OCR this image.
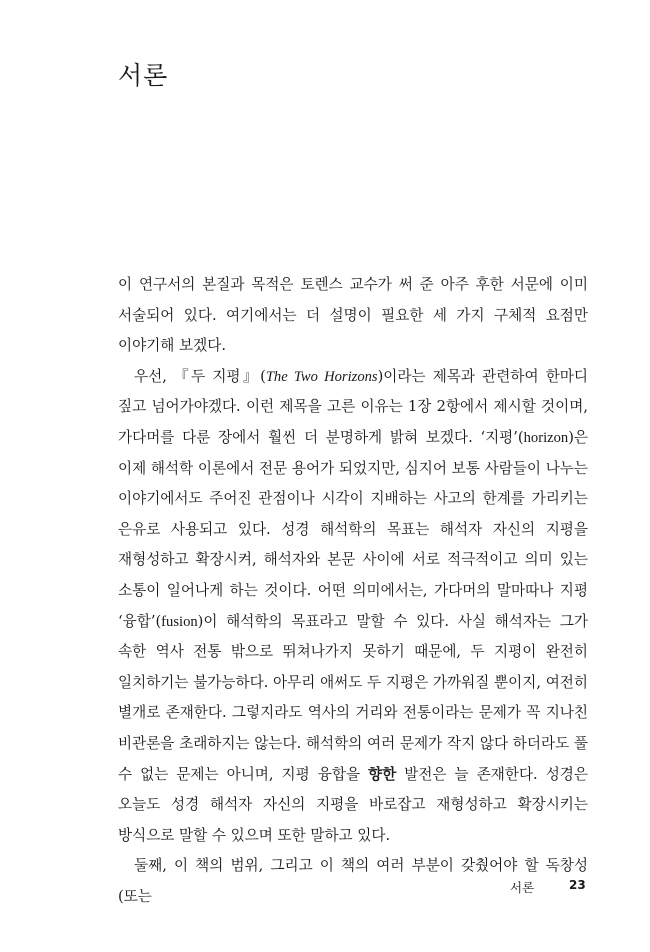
서론

이 연구서의 본질과 목적은 토렌스 교수가 써 준 아주 후한 서문에 이미 서술되어 있다. 여기에서는 더 설명이 필요한 세 가지 구체적 요점만 이야기해 보겠다.

우선, 『두 지평』(The Two Horizons)이라는 제목과 관련하여 한마디 짚고 넘어가야겠다. 이런 제목을 고른 이유는 1장 2항에서 제시할 것이며, 가다머를 다룬 장에서 훨씬 더 분명하게 밝혀 보겠다. ‘지평’(horizon)은 이제 해석학 이론에서 전문 용어가 되었지만, 심지어 보통 사람들이 나누는 이야기에서도 주어진 관점이나 시각이 지배하는 사고의 한계를 가리키는 은유로 사용되고 있다. 성경 해석학의 목표는 해석자 자신의 지평을 재형성하고 확장시켜, 해석자와 본문 사이에 서로 적극적이고 의미 있는 소통이 일어나게 하는 것이다. 어떤 의미에서는, 가다머의 말마따나 지평 ‘융합’(fusion)이 해석학의 목표라고 말할 수 있다. 사실 해석자는 그가 속한 역사 전통 밖으로 뛰쳐나가지 못하기 때문에, 두 지평이 완전히 일치하기는 불가능하다. 아무리 애써도 두 지평은 가까워질 뿐이지, 여전히 별개로 존재한다. 그렇지라도 역사의 거리와 전통이라는 문제가 꼭 지나친 비관론을 초래하지는 않는다. 해석학의 여러 문제가 작지 않다 하더라도 풀 수 없는 문제는 아니며, 지평 융합을 향한 발전은 늘 존재한다. 성경은 오늘도 성경 해석자 자신의 지평을 바로잡고 재형성하고 확장시키는 방식으로 말할 수 있으며 또한 말하고 있다.

둘째, 이 책의 범위, 그리고 이 책의 여러 부분이 갖췄어야 할 독창성(또는

서론	23
